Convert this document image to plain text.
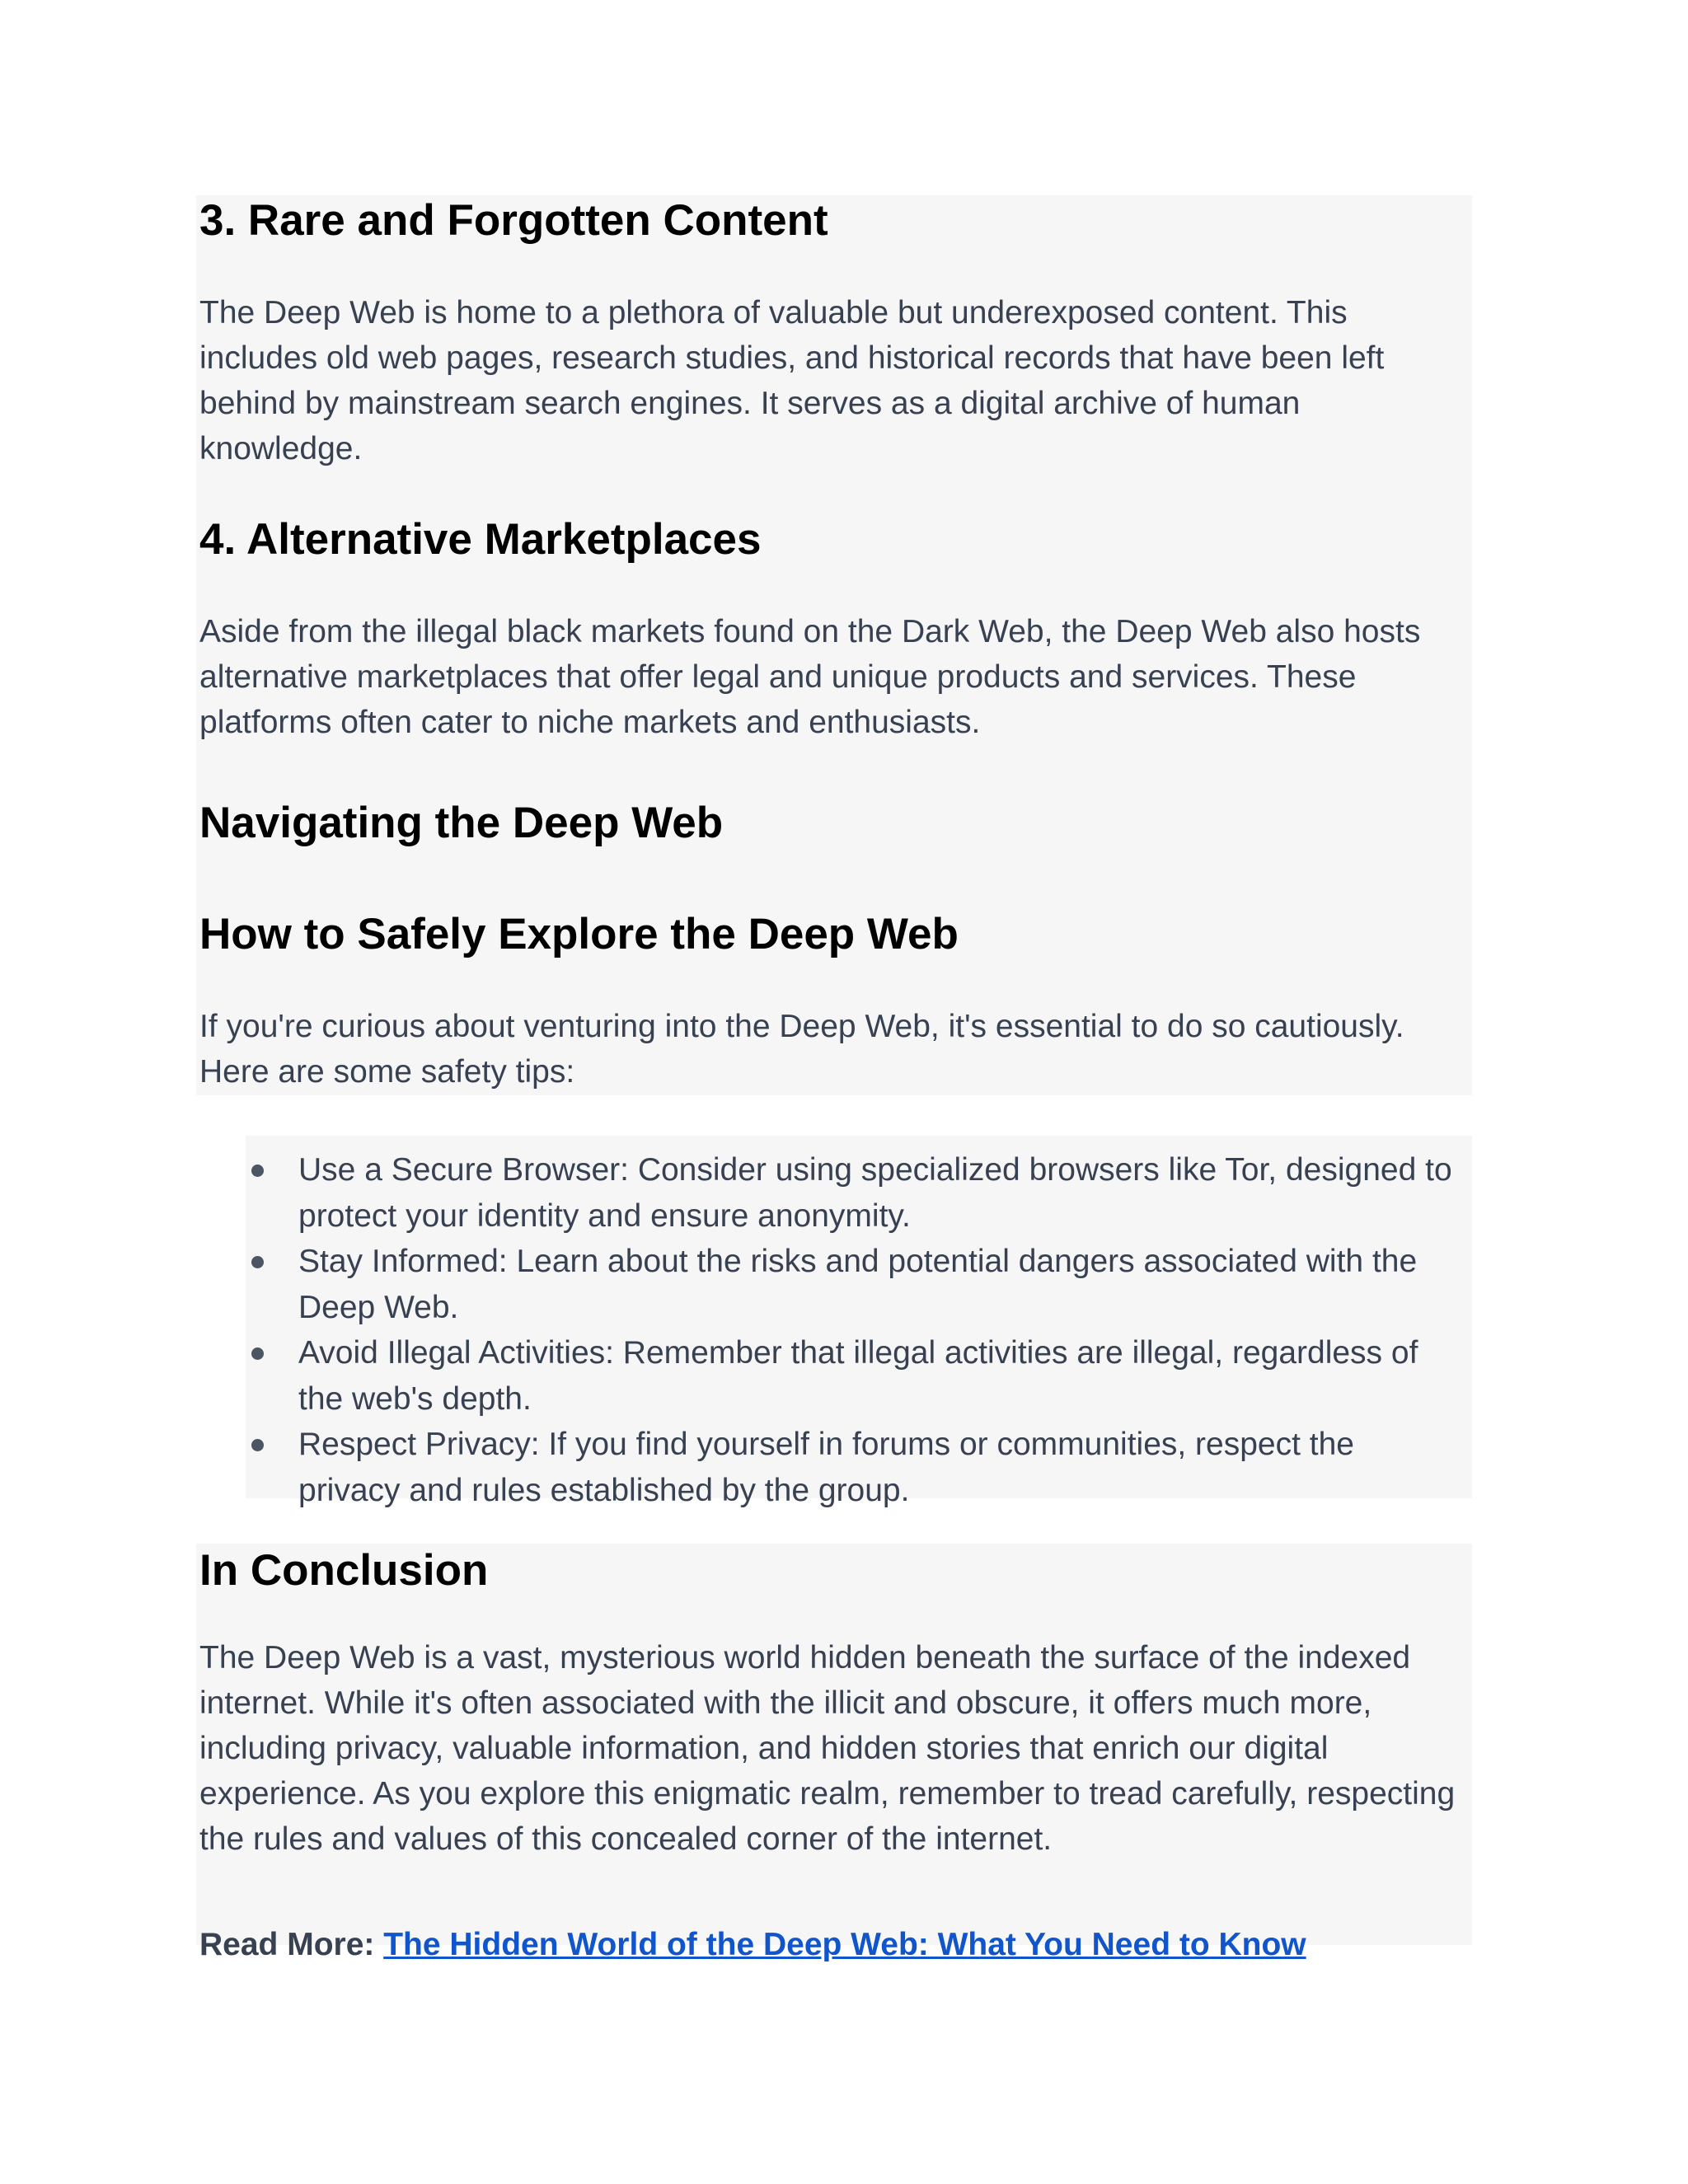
3. Rare and Forgotten Content

The Deep Web is home to a plethora of valuable but underexposed content. This

includes old web pages, research studies, and historical records that have been left

behind by mainstream search engines. It serves as a digital archive of human

knowledge.

4. Alternative Marketplaces

Aside from the illegal black markets found on the Dark Web, the Deep Web also hosts

alternative marketplaces that offer legal and unique products and services. These

platforms often cater to niche markets and enthusiasts.

Navigating the Deep Web
How to Safely Explore the Deep Web

If you're curious about venturing into the Deep Web, it's essential to do so cautiously.

Here are some safety tips:

Use a Secure Browser: Consider using specialized browsers like Tor, designed to
protect your identity and ensure anonymity.
Stay Informed: Learn about the risks and potential dangers associated with the
Deep Web.
Avoid Illegal Activities: Remember that illegal activities are illegal, regardless of
the web's depth.
Respect Privacy: If you find yourself in forums or communities, respect the
privacy and rules established by the group.
In Conclusion

The Deep Web is a vast, mysterious world hidden beneath the surface of the indexed

internet. While it's often associated with the illicit and obscure, it offers much more,

including privacy, valuable information, and hidden stories that enrich our digital

experience. As you explore this enigmatic realm, remember to tread carefully, respecting

the rules and values of this concealed corner of the internet.

Read More: The Hidden World of the Deep Web: What You Need to Know
